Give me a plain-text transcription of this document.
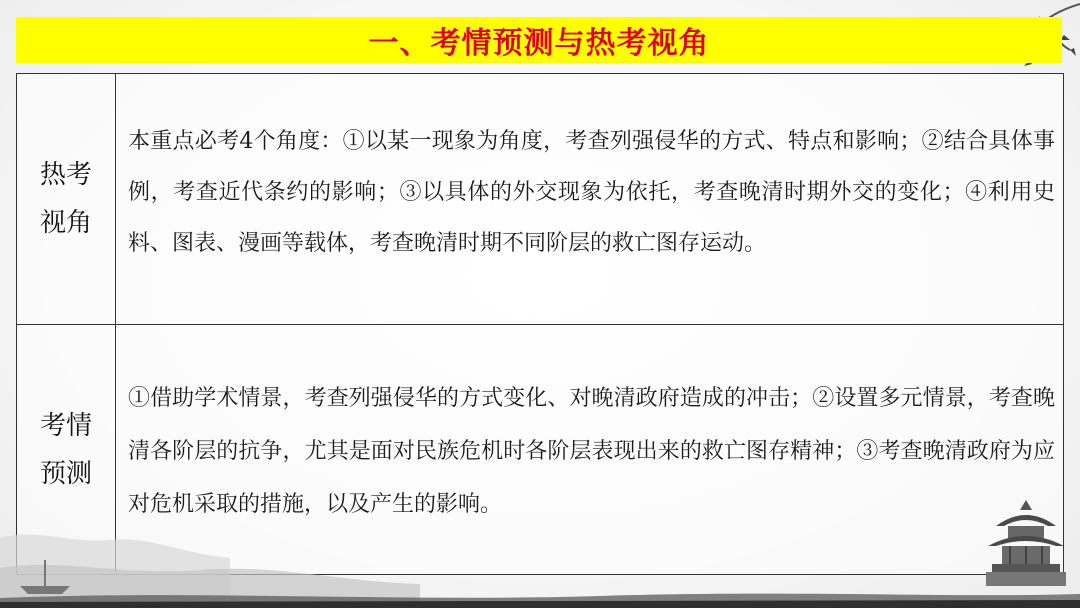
一、考情预测与热考视角
热考视角

本重点必考4个角度：①以某一现象为角度，考查列强侵华的方式、特点和影响；②结合具体事例，考查近代条约的影响；③以具体的外交现象为依托，考查晚清时期外交的变化；④利用史料、图表、漫画等载体，考查晚清时期不同阶层的救亡图存运动。

考情预测

①借助学术情景，考查列强侵华的方式变化、对晚清政府造成的冲击；②设置多元情景，考查晚清各阶层的抗争，尤其是面对民族危机时各阶层表现出来的救亡图存精神；③考查晚清政府为应对危机采取的措施，以及产生的影响。
